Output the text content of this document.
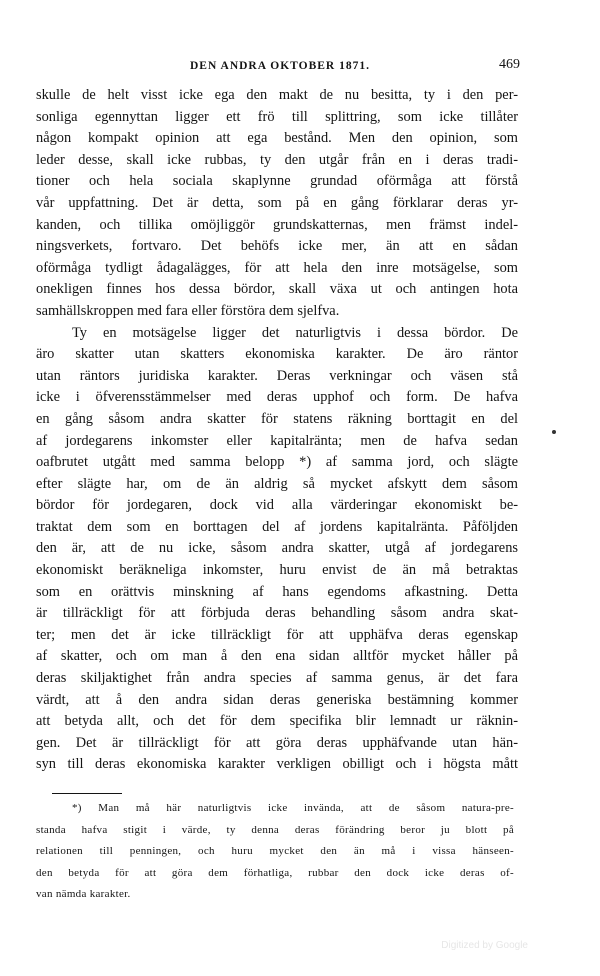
DEN ANDRA OKTOBER 1871.	469
skulle de helt visst icke ega den makt de nu besitta, ty i den per-
sonliga egennyttan ligger ett frö till splittring, som icke tillåter
någon kompakt opinion att ega bestånd. Men den opinion, som
leder desse, skall icke rubbas, ty den utgår från en i deras tradi-
tioner och hela sociala skaplynne grundad oförmåga att förstå
vår uppfattning. Det är detta, som på en gång förklarar deras yr-
kanden, och tillika omöjliggör grundskatternas, men främst indel-
ningsverkets, fortvaro. Det behöfs icke mer, än att en sådan
oförmåga tydligt ådagalägges, för att hela den inre motsägelse, som
onekligen finnes hos dessa bördor, skall växa ut och antingen hota
samhällskroppen med fara eller förstöra dem sjelfva.
Ty en motsägelse ligger det naturligtvis i dessa bördor. De
äro skatter utan skatters ekonomiska karakter. De äro räntor
utan räntors juridiska karakter. Deras verkningar och väsen stå
icke i öfverensstämmelser med deras upphof och form. De hafva
en gång såsom andra skatter för statens räkning borttagit en del
af jordegarens inkomster eller kapitalränta; men de hafva sedan
oafbrutet utgått med samma belopp *) af samma jord, och slägte
efter slägte har, om de än aldrig så mycket afskytt dem såsom
bördor för jordegaren, dock vid alla värderingar ekonomiskt be-
traktat dem som en borttagen del af jordens kapitalränta. Påföljden
den är, att de nu icke, såsom andra skatter, utgå af jordegarens
ekonomiskt beräkneliga inkomster, huru envist de än må betraktas
som en orättvis minskning af hans egendoms afkastning. Detta
är tillräckligt för att förbjuda deras behandling såsom andra skat-
ter; men det är icke tillräckligt för att upphäfva deras egenskap
af skatter, och om man å den ena sidan alltför mycket håller på
deras skiljaktighet från andra species af samma genus, är det fara
värdt, att å den andra sidan deras generiska bestämning kommer
att betyda allt, och det för dem specifika blir lemnadt ur räknin-
gen. Det är tillräckligt för att göra deras upphäfvande utan hän-
syn till deras ekonomiska karakter verkligen obilligt och i högsta mått
*) Man må här naturligtvis icke invända, att de såsom natura-pre-
standa hafva stigit i värde, ty denna deras förändring beror ju blott på
relationen till penningen, och huru mycket den än må i vissa hänseen-
den betyda för att göra dem förhatliga, rubbar den dock icke deras of-
van nämda karakter.
Digitized by Google
